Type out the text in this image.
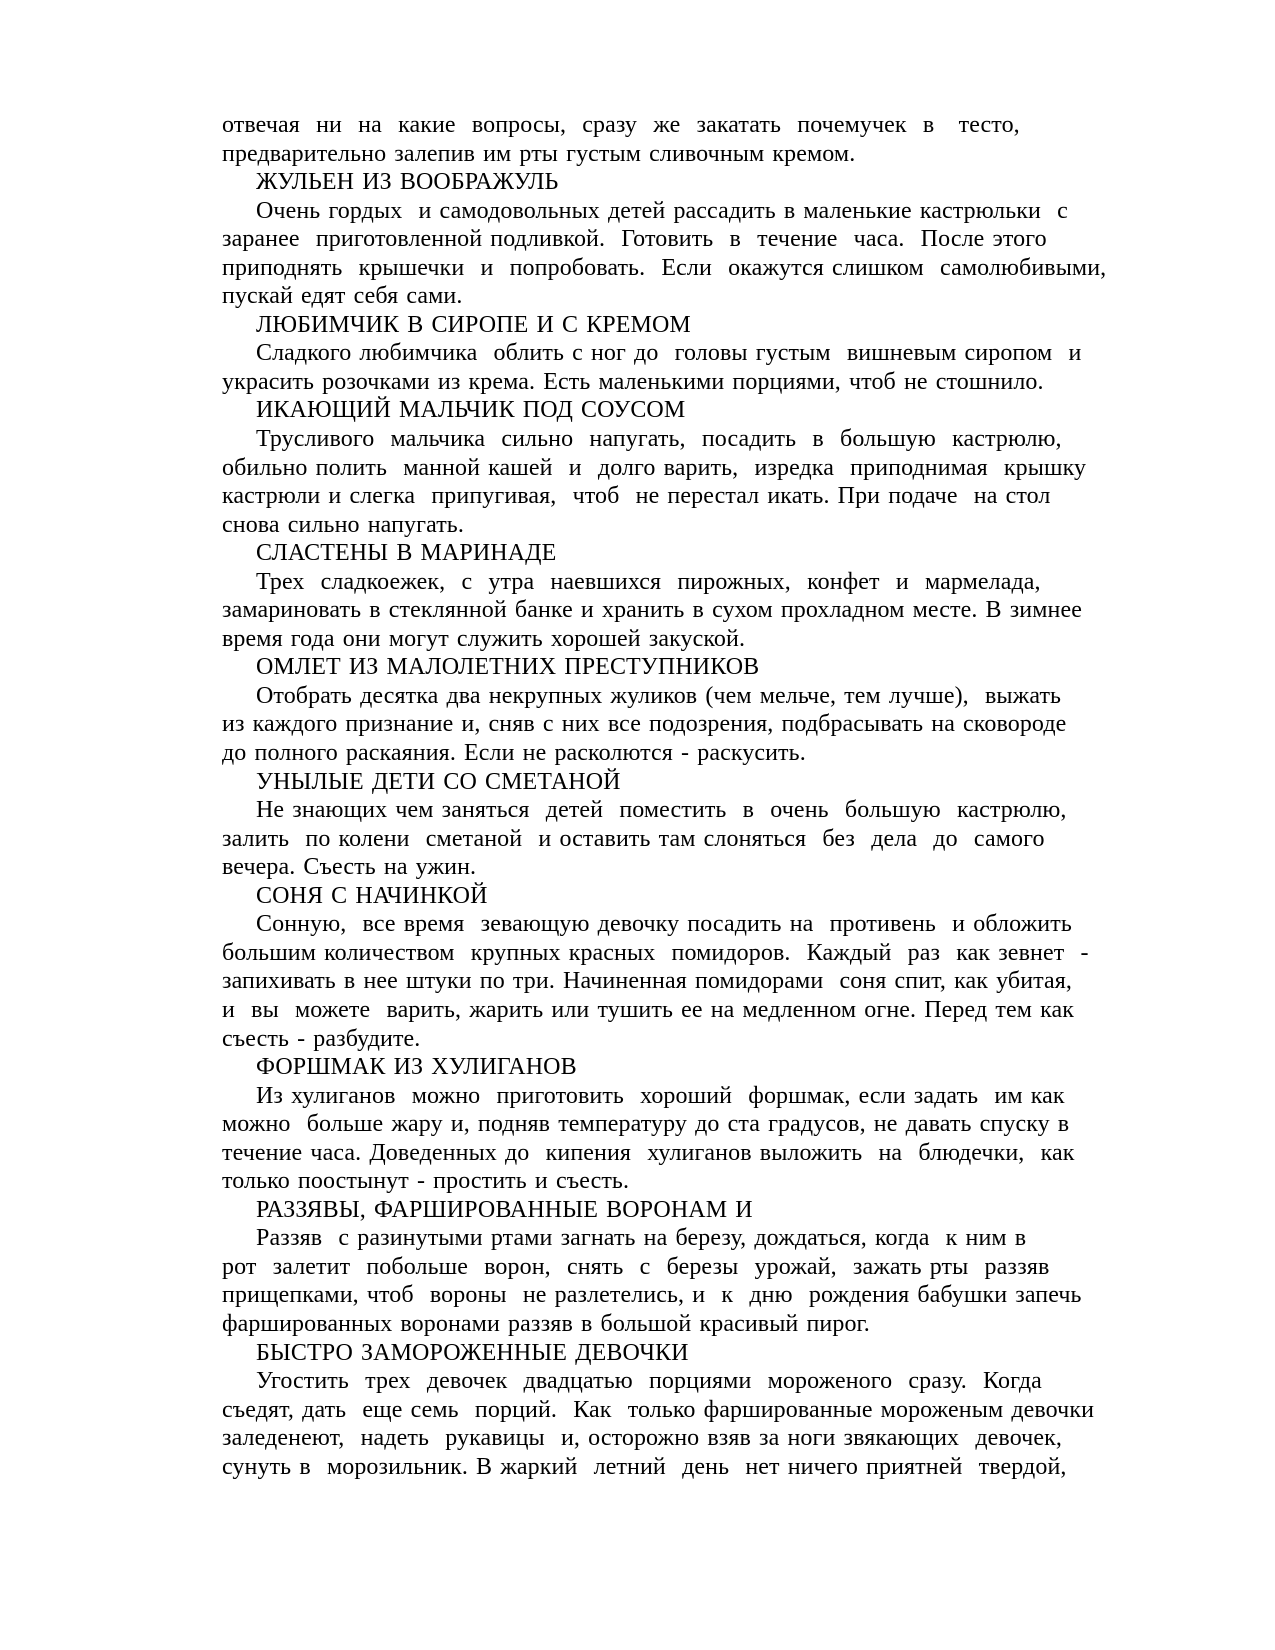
отвечая  ни  на  какие  вопросы,  сразу  же  закатать  почемучек  в   тесто,
предварительно залепив им рты густым сливочным кремом.
ЖУЛЬЕН ИЗ ВООБРАЖУЛЬ
Очень гордых  и самодовольных детей рассадить в маленькие кастрюльки  с
заранее  приготовленной подливкой.  Готовить  в  течение  часа.  После этого
приподнять  крышечки  и  попробовать.  Если  окажутся слишком  самолюбивыми,
пускай едят себя сами.
ЛЮБИМЧИК В СИРОПЕ И С КРЕМОМ
Сладкого любимчика  облить с ног до  головы густым  вишневым сиропом  и
украсить розочками из крема. Есть маленькими порциями, чтоб не стошнило.
ИКАЮЩИЙ МАЛЬЧИК ПОД СОУСОМ
Трусливого  мальчика  сильно  напугать,  посадить  в  большую  кастрюлю,
обильно полить  манной кашей  и  долго варить,  изредка  приподнимая  крышку
кастрюли и слегка  припугивая,  чтоб  не перестал икать. При подаче  на стол
снова сильно напугать.
СЛАСТЕНЫ В МАРИНАДЕ
Трех  сладкоежек,  с  утра  наевшихся  пирожных,  конфет  и  мармелада,
замариновать в стеклянной банке и хранить в сухом прохладном месте. В зимнее
время года они могут служить хорошей закуской.
ОМЛЕТ ИЗ МАЛОЛЕТНИХ ПРЕСТУПНИКОВ
Отобрать десятка два некрупных жуликов (чем мельче, тем лучше),  выжать
из каждого признание и, сняв с них все подозрения, подбрасывать на сковороде
до полного раскаяния. Если не расколются - раскусить.
УНЫЛЫЕ ДЕТИ СО СМЕТАНОЙ
Не знающих чем заняться  детей  поместить  в  очень  большую  кастрюлю,
залить  по колени  сметаной  и оставить там слоняться  без  дела  до  самого
вечера. Съесть на ужин.
СОНЯ С НАЧИНКОЙ
Сонную,  все время  зевающую девочку посадить на  противень  и обложить
большим количеством  крупных красных  помидоров.  Каждый  раз  как зевнет  -
запихивать в нее штуки по три. Начиненная помидорами  соня спит, как убитая,
и  вы  можете  варить, жарить или тушить ее на медленном огне. Перед тем как
съесть - разбудите.
ФОРШМАК ИЗ ХУЛИГАНОВ
Из хулиганов  можно  приготовить  хороший  форшмак, если задать  им как
можно  больше жару и, подняв температуру до ста градусов, не давать спуску в
течение часа. Доведенных до  кипения  хулиганов выложить  на  блюдечки,  как
только поостынут - простить и съесть.
РАЗЗЯВЫ, ФАРШИРОВАННЫЕ ВОРОНАМ И
Раззяв  с разинутыми ртами загнать на березу, дождаться, когда  к ним в
рот  залетит  побольше  ворон,  снять  с  березы  урожай,  зажать рты  раззяв
прищепками, чтоб  вороны  не разлетелись, и  к  дню  рождения бабушки запечь
фаршированных воронами раззяв в большой красивый пирог.
БЫСТРО ЗАМОРОЖЕННЫЕ ДЕВОЧКИ
Угостить  трех  девочек  двадцатью  порциями  мороженого  сразу.  Когда
съедят, дать  еще семь  порций.  Как  только фаршированные мороженым девочки
заледенеют,  надеть  рукавицы  и, осторожно взяв за ноги звякающих  девочек,
сунуть в  морозильник. В жаркий  летний  день  нет ничего приятней  твердой,
